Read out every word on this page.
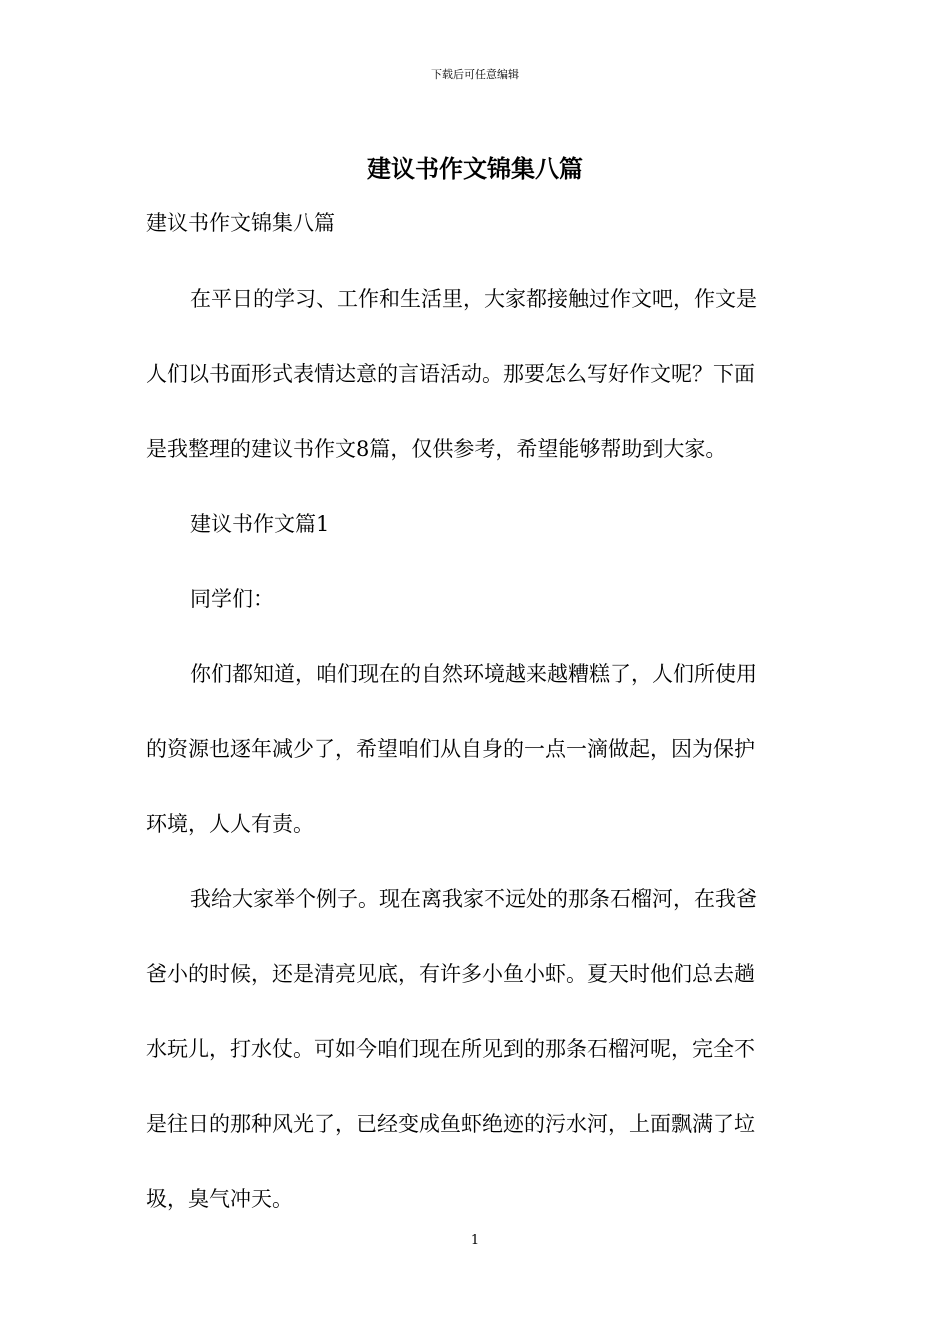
下载后可任意编辑
建议书作文锦集八篇
建议书作文锦集八篇
在平日的学习、工作和生活里，大家都接触过作文吧，作文是
人们以书面形式表情达意的言语活动。那要怎么写好作文呢？下面
是我整理的建议书作文8篇，仅供参考，希望能够帮助到大家。
建议书作文篇1
同学们：
你们都知道，咱们现在的自然环境越来越糟糕了，人们所使用
的资源也逐年减少了，希望咱们从自身的一点一滴做起，因为保护
环境，人人有责。
我给大家举个例子。现在离我家不远处的那条石榴河，在我爸
爸小的时候，还是清亮见底，有许多小鱼小虾。夏天时他们总去趟
水玩儿，打水仗。可如今咱们现在所见到的那条石榴河呢，完全不
是往日的那种风光了，已经变成鱼虾绝迹的污水河，上面飘满了垃
圾，臭气冲天。
1
